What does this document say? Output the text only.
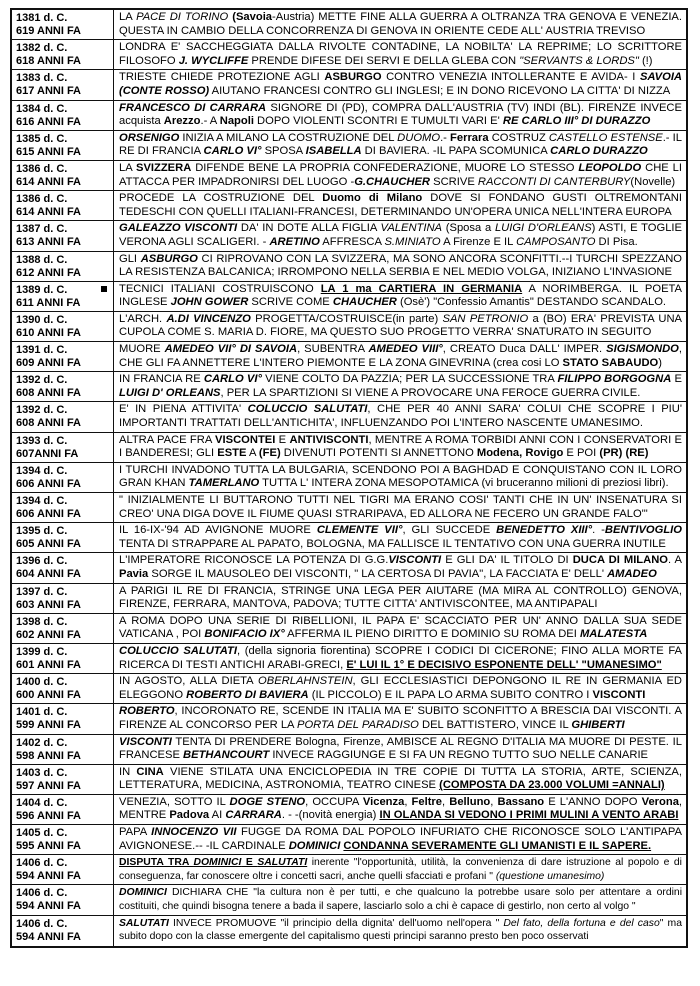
1381 d. C.
619 ANNI FA
LA PACE DI TORINO (Savoia-Austria) METTE FINE ALLA GUERRA A OLTRANZA TRA GENOVA E VENEZIA. QUESTA IN CAMBIO DELLA CONCORRENZA DI GENOVA IN ORIENTE CEDE ALL' AUSTRIA TREVISO
1382 d. C.
618 ANNI FA
LONDRA E' SACCHEGGIATA DALLA RIVOLTE CONTADINE, LA NOBILTA' LA REPRIME; LO SCRITTORE FILOSOFO J. WYCLIFFE PRENDE DIFESE DEI SERVI E DELLA GLEBA CON "SERVANTS & LORDS" (!)
1383 d. C.
617 ANNI FA
TRIESTE CHIEDE PROTEZIONE AGLI ASBURGO CONTRO VENEZIA INTOLLERANTE E AVIDA- I SAVOIA (CONTE ROSSO) AIUTANO FRANCESI CONTRO GLI INGLESI; E IN DONO RICEVONO LA CITTA' DI NIZZA
1384 d. C.
616 ANNI FA
FRANCESCO DI CARRARA SIGNORE DI (PD), COMPRA DALL'AUSTRIA (TV) INDI (BL). FIRENZE INVECE acquista Arezzo.- A Napoli DOPO VIOLENTI SCONTRI E TUMULTI VARI E' RE CARLO III° DI DURAZZO
1385 d. C.
615 ANNI FA
ORSENIGO INIZIA A MILANO LA COSTRUZIONE DEL DUOMO.- Ferrara COSTRUZ CASTELLO ESTENSE.- IL RE DI FRANCIA CARLO VI° SPOSA ISABELLA DI BAVIERA. -IL PAPA SCOMUNICA CARLO DURAZZO
1386 d. C.
614 ANNI FA
LA SVIZZERA DIFENDE BENE LA PROPRIA CONFEDERAZIONE, MUORE LO STESSO LEOPOLDO CHE LI ATTACCA PER IMPADRONIRSI DEL LUOGO -G.CHAUCHER SCRIVE RACCONTI DI CANTERBURY(Novelle)
1386 d. C.
614 ANNI FA
PROCEDE LA COSTRUZIONE DEL Duomo di Milano DOVE SI FONDANO GUSTI OLTREMONTANI TEDESCHI CON QUELLI ITALIANI-FRANCESI, DETERMINANDO UN'OPERA UNICA NELL'INTERA EUROPA
1387 d. C.
613 ANNI FA
GALEAZZO VISCONTI DA' IN DOTE ALLA FIGLIA VALENTINA (Sposa a LUIGI D'ORLEANS) ASTI, E TOGLIE VERONA AGLI SCALIGERI. - ARETINO AFFRESCA S.MINIATO A Firenze E IL CAMPOSANTO DI Pisa.
1388 d. C.
612 ANNI FA
GLI ASBURGO CI RIPROVANO CON LA SVIZZERA, MA SONO ANCORA SCONFITTI.--I TURCHI SPEZZANO LA RESISTENZA BALCANICA; IRROMPONO NELLA SERBIA E NEL MEDIO VOLGA, INIZIANO L'INVASIONE
1389 d. C.
611 ANNI FA
TECNICI ITALIANI COSTRUISCONO LA 1 ma CARTIERA IN GERMANIA A NORIMBERGA. IL POETA INGLESE JOHN GOWER SCRIVE COME CHAUCHER (Osè') "Confessio Amantis" DESTANDO SCANDALO.
1390 d. C.
610 ANNI FA
L'ARCH. A.DI VINCENZO PROGETTA/COSTRUISCE(in parte) SAN PETRONIO a (BO) ERA' PREVISTA UNA CUPOLA COME S. MARIA D. FIORE, MA QUESTO SUO PROGETTO VERRA' SNATURATO IN SEGUITO
1391 d. C.
609 ANNI FA
MUORE AMEDEO VII° DI SAVOIA, SUBENTRA AMEDEO VIII°, CREATO Duca DALL' IMPER. SIGISMONDO, CHE GLI FA ANNETTERE L'INTERO PIEMONTE E LA ZONA GINEVRINA (crea cosi LO STATO SABAUDO)
1392 d. C.
608 ANNI FA
IN FRANCIA RE CARLO VI° VIENE COLTO DA PAZZIA; PER LA SUCCESSIONE TRA FILIPPO BORGOGNA E LUIGI D' ORLEANS, PER LA SPARTIZIONI SI VIENE A PROVOCARE UNA FEROCE GUERRA CIVILE.
1392 d. C.
608 ANNI FA
E' IN PIENA ATTIVITA' COLUCCIO SALUTATI, CHE PER 40 ANNI SARA' COLUI CHE SCOPRE I PIU' IMPORTANTI TRATTATI DELL'ANTICHITA', INFLUENZANDO POI L'INTERO NASCENTE UMANESIMO.
1393 d. C.
607ANNI FA
ALTRA PACE FRA VISCONTEI E ANTIVISCONTI, MENTRE A ROMA TORBIDI ANNI CON I CONSERVATORI E I BANDERESI; GLI ESTE A (FE) DIVENUTI POTENTI SI ANNETTONO Modena, Rovigo E POI (PR) (RE)
1394 d. C.
606 ANNI FA
I TURCHI INVADONO TUTTA LA BULGARIA, SCENDONO POI A BAGHDAD E CONQUISTANO CON IL LORO GRAN KHAN TAMERLANO TUTTA L' INTERA ZONA MESOPOTAMICA (vi bruceranno milioni di preziosi libri).
1394 d. C.
606 ANNI FA
" INIZIALMENTE LI BUTTARONO TUTTI NEL TIGRI MA ERANO COSI' TANTI CHE IN UN' INSENATURA SI CREO' UNA DIGA DOVE IL FIUME QUASI STRARIPAVA, ED ALLORA NE FECERO UN GRANDE FALO'"
1395 d. C.
605 ANNI FA
IL 16-IX-'94 AD AVIGNONE MUORE CLEMENTE VII°, GLI SUCCEDE BENEDETTO XIII°. -BENTIVOGLIO TENTA DI STRAPPARE AL PAPATO, BOLOGNA, MA FALLISCE IL TENTATIVO CON UNA GUERRA INUTILE
1396 d. C.
604 ANNI FA
L'IMPERATORE RICONOSCE LA POTENZA DI G.G.VISCONTI E GLI DA' IL TITOLO DI DUCA DI MILANO. A Pavia SORGE IL MAUSOLEO DEI VISCONTI, " LA CERTOSA DI PAVIA", LA FACCIATA E' DELL' AMADEO
1397 d. C.
603 ANNI FA
A PARIGI IL RE DI FRANCIA, STRINGE UNA LEGA PER AIUTARE (MA MIRA AL CONTROLLO) GENOVA, FIRENZE, FERRARA, MANTOVA, PADOVA; TUTTE CITTA' ANTIVISCONTEE, MA ANTIPAPALI
1398 d. C.
602 ANNI FA
A ROMA DOPO UNA SERIE DI RIBELLIONI, IL PAPA E' SCACCIATO PER UN' ANNO DALLA SUA SEDE VATICANA , POI BONIFACIO IX° AFFERMA IL PIENO DIRITTO E DOMINIO SU ROMA DEI MALATESTA
1399 d. C.
601 ANNI FA
COLUCCIO SALUTATI, (della signoria fiorentina) SCOPRE I CODICI DI CICERONE; FINO ALLA MORTE FA RICERCA DI TESTI ANTICHI ARABI-GRECI, E' LUI IL 1° E DECISIVO ESPONENTE DELL' "UMANESIMO"
1400 d. C.
600 ANNI FA
IN AGOSTO, ALLA DIETA OBERLAHNSTEIN, GLI ECCLESIASTICI DEPONGONO IL RE IN GERMANIA ED ELEGGONO ROBERTO DI BAVIERA (IL PICCOLO) E IL PAPA LO ARMA SUBITO CONTRO I VISCONTI
1401 d. C.
599 ANNI FA
ROBERTO, INCORONATO RE, SCENDE IN ITALIA MA E' SUBITO SCONFITTO A BRESCIA DAI VISCONTI. A FIRENZE AL CONCORSO PER LA PORTA DEL PARADISO DEL BATTISTERO, VINCE IL GHIBERTI
1402 d. C.
598 ANNI FA
VISCONTI TENTA DI PRENDERE Bologna, Firenze, AMBISCE AL REGNO D'ITALIA MA MUORE DI PESTE. IL FRANCESE BETHANCOURT INVECE RAGGIUNGE E SI FA UN REGNO TUTTO SUO NELLE CANARIE
1403 d. C.
597 ANNI FA
IN CINA VIENE STILATA UNA ENCICLOPEDIA IN TRE COPIE DI TUTTA LA STORIA, ARTE, SCIENZA, LETTERATURA, MEDICINA, ASTRONOMIA, TEATRO CINESE (COMPOSTA DA 23.000 VOLUMI =ANNALI)
1404 d. C.
596 ANNI FA
VENEZIA, SOTTO IL DOGE STENO, OCCUPA Vicenza, Feltre, Belluno, Bassano E L'ANNO DOPO Verona, MENTRE Padova AI CARRARA. - -(novità energia) IN OLANDA SI VEDONO I PRIMI MULINI A VENTO ARABI
1405 d. C.
595 ANNI FA
PAPA INNOCENZO VII FUGGE DA ROMA DAL POPOLO INFURIATO CHE RICONOSCE SOLO L'ANTIPAPA AVIGNONESE.-- -IL CARDINALE DOMINICI CONDANNA SEVERAMENTE GLI UMANISTI E IL SAPERE.
1406 d. C.
594 ANNI FA
DISPUTA TRA DOMINICI E SALUTATI inerente "l'opportunità, utilità, la convenienza di dare istruzione al popolo e di conseguenza, far conoscere oltre i concetti sacri, anche quelli sfacciati e profani " (questione umanesimo)
1406 d. C.
594 ANNI FA
DOMINICI DICHIARA CHE "la cultura non è per tutti, e che qualcuno la potrebbe usare solo per attentare a ordini costituiti, che quindi bisogna tenere a bada il sapere, lasciarlo solo a chi è capace di gestirlo, non certo al volgo "
1406 d. C.
594 ANNI FA
SALUTATI INVECE PROMUOVE "il principio della dignita' dell'uomo nell'opera " Del fato, della fortuna e del caso" ma subito dopo con la classe emergente del capitalismo questi principi saranno presto ben poco osservati
